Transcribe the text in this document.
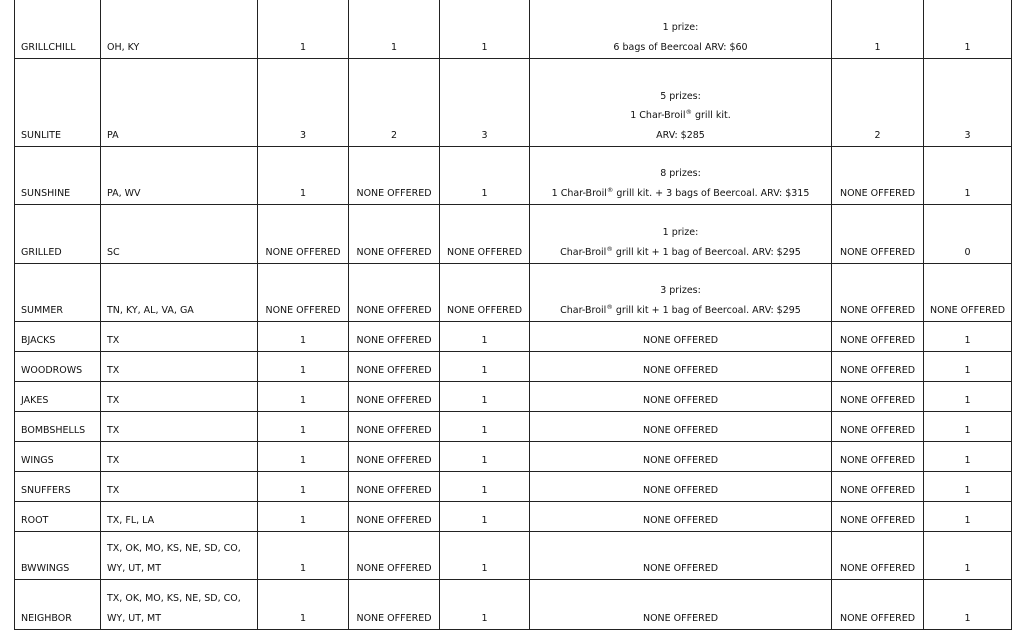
GRILLCHILL	OH, KY	1	1	1	1 prize:
6 bags of Beercoal ARV: $60	1	1
SUNLITE	PA	3	2	3	5 prizes:
1 Char-Broil® grill kit.
ARV: $285	2	3
SUNSHINE	PA, WV	1	NONE OFFERED	1	8 prizes:
1 Char-Broil® grill kit. + 3 bags of Beercoal. ARV: $315	NONE OFFERED	1
GRILLED	SC	NONE OFFERED	NONE OFFERED	NONE OFFERED	1 prize:
Char-Broil® grill kit + 1 bag of Beercoal. ARV: $295	NONE OFFERED	0
SUMMER	TN, KY, AL, VA, GA	NONE OFFERED	NONE OFFERED	NONE OFFERED	3 prizes:
Char-Broil® grill kit + 1 bag of Beercoal. ARV: $295	NONE OFFERED	NONE OFFERED
BJACKS	TX	1	NONE OFFERED	1	NONE OFFERED	NONE OFFERED	1
WOODROWS	TX	1	NONE OFFERED	1	NONE OFFERED	NONE OFFERED	1
JAKES	TX	1	NONE OFFERED	1	NONE OFFERED	NONE OFFERED	1
BOMBSHELLS	TX	1	NONE OFFERED	1	NONE OFFERED	NONE OFFERED	1
WINGS	TX	1	NONE OFFERED	1	NONE OFFERED	NONE OFFERED	1
SNUFFERS	TX	1	NONE OFFERED	1	NONE OFFERED	NONE OFFERED	1
ROOT	TX, FL, LA	1	NONE OFFERED	1	NONE OFFERED	NONE OFFERED	1
BWWINGS	TX, OK, MO, KS, NE, SD, CO,
WY, UT, MT	1	NONE OFFERED	1	NONE OFFERED	NONE OFFERED	1
NEIGHBOR	TX, OK, MO, KS, NE, SD, CO,
WY, UT, MT	1	NONE OFFERED	1	NONE OFFERED	NONE OFFERED	1
